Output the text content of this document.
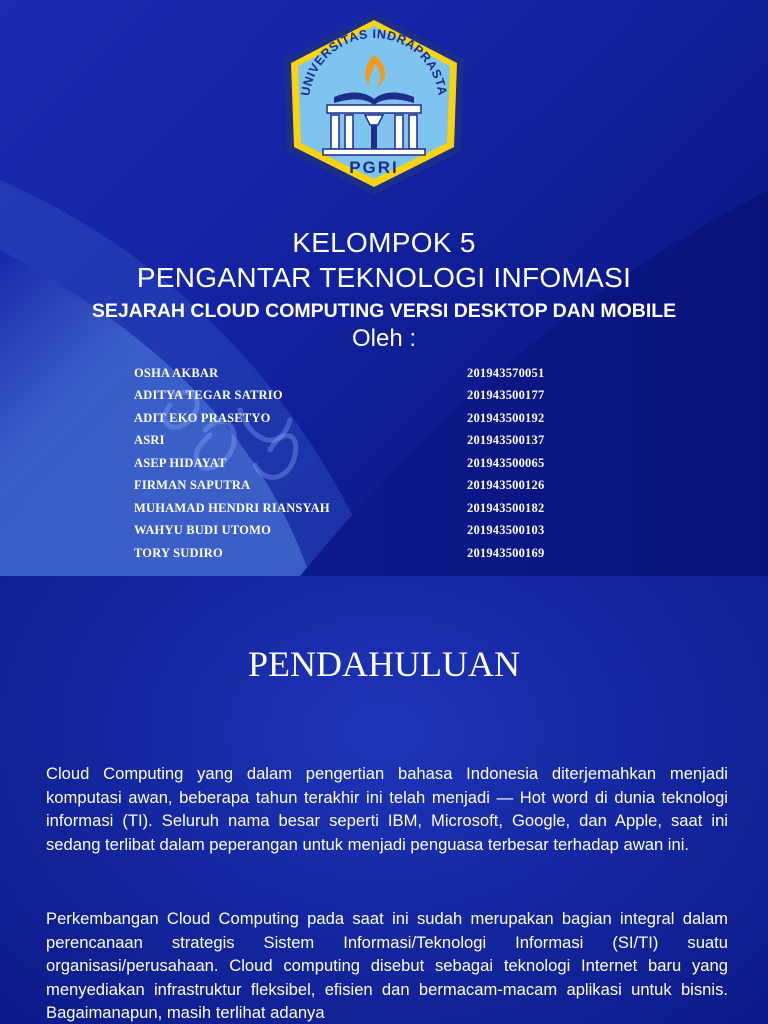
UNIVERSITAS INDRAPRASTA
PGRI
KELOMPOK 5
PENGANTAR TEKNOLOGI INFOMASI
SEJARAH CLOUD COMPUTING VERSI DESKTOP DAN MOBILE
Oleh :
OSHA AKBAR	201943570051
ADITYA TEGAR SATRIO	201943500177
ADIT EKO PRASETYO	201943500192
ASRI	201943500137
ASEP HIDAYAT	201943500065
FIRMAN SAPUTRA	201943500126
MUHAMAD HENDRI RIANSYAH	201943500182
WAHYU BUDI UTOMO	201943500103
TORY SUDIRO	201943500169
PENDAHULUAN

Cloud Computing yang dalam pengertian bahasa Indonesia diterjemahkan menjadi komputasi awan, beberapa tahun terakhir ini telah menjadi — Hot word di dunia teknologi informasi (TI). Seluruh nama besar seperti IBM, Microsoft, Google, dan Apple, saat ini sedang terlibat dalam peperangan untuk menjadi penguasa terbesar terhadap awan ini.

Perkembangan Cloud Computing pada saat ini sudah merupakan bagian integral dalam perencanaan strategis Sistem Informasi/Teknologi Informasi (SI/TI) suatu organisasi/perusahaan. Cloud computing disebut sebagai teknologi Internet baru yang menyediakan infrastruktur fleksibel, efisien dan bermacam-macam aplikasi untuk bisnis. Bagaimanapun, masih terlihat adanya
